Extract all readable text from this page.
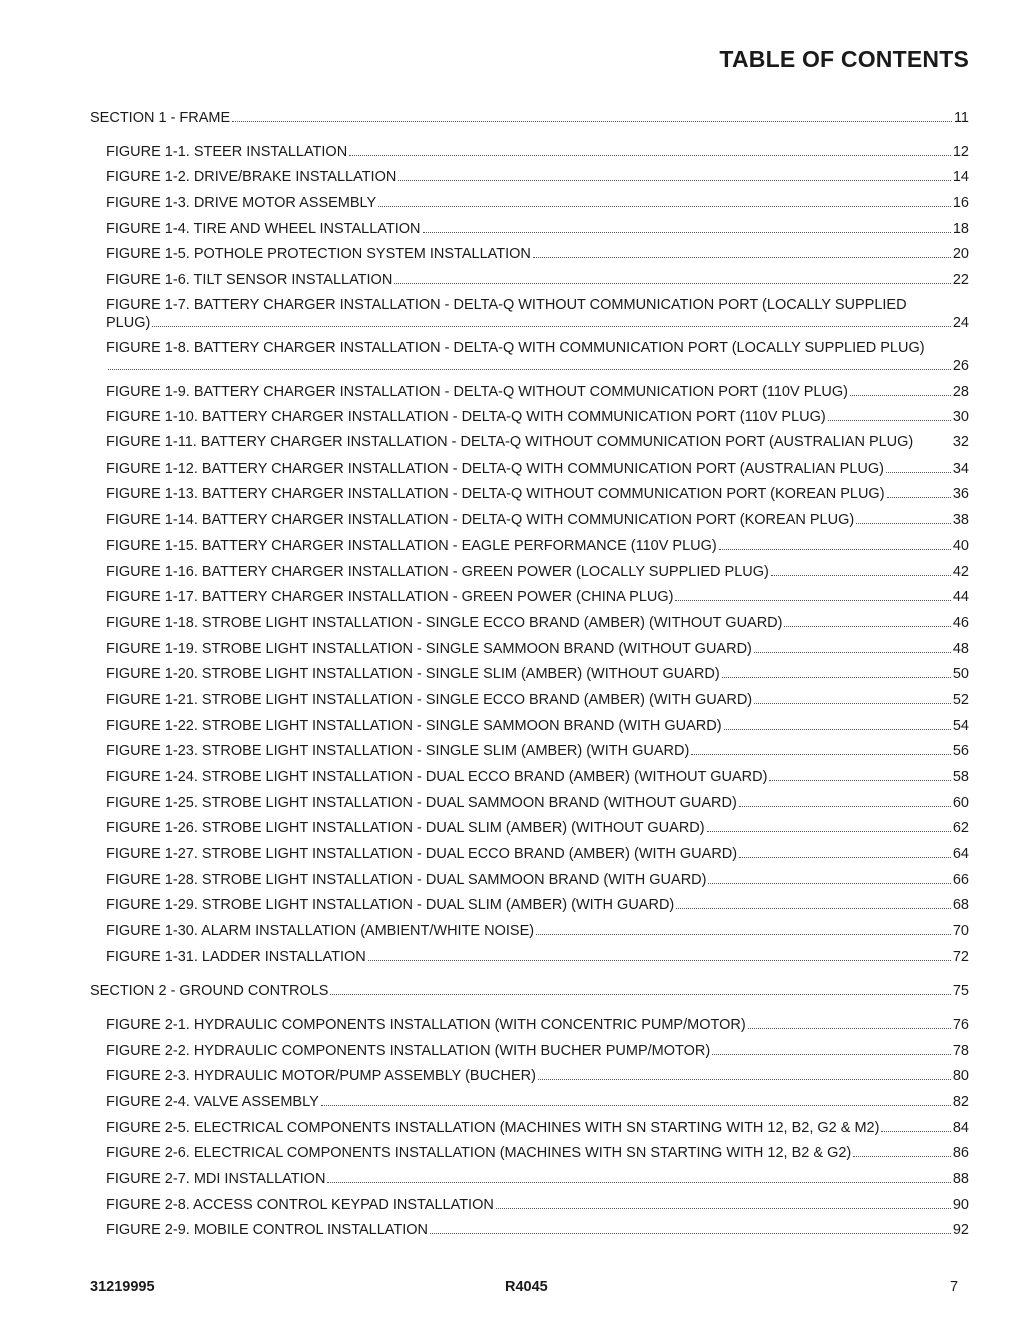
TABLE OF CONTENTS
SECTION 1 - FRAME	11
FIGURE 1-1. STEER INSTALLATION	12
FIGURE 1-2. DRIVE/BRAKE INSTALLATION	14
FIGURE 1-3. DRIVE MOTOR ASSEMBLY	16
FIGURE 1-4. TIRE AND WHEEL INSTALLATION	18
FIGURE 1-5. POTHOLE PROTECTION SYSTEM INSTALLATION	20
FIGURE 1-6. TILT SENSOR INSTALLATION	22
FIGURE 1-7. BATTERY CHARGER INSTALLATION - DELTA-Q WITHOUT COMMUNICATION PORT (LOCALLY SUPPLIED
PLUG)	24
FIGURE 1-8. BATTERY CHARGER INSTALLATION - DELTA-Q WITH COMMUNICATION PORT (LOCALLY SUPPLIED PLUG)
26
FIGURE 1-9. BATTERY CHARGER INSTALLATION - DELTA-Q WITHOUT COMMUNICATION PORT (110V PLUG)	28
FIGURE 1-10. BATTERY CHARGER INSTALLATION - DELTA-Q WITH COMMUNICATION PORT (110V PLUG)	30
FIGURE 1-11. BATTERY CHARGER INSTALLATION - DELTA-Q WITHOUT COMMUNICATION PORT (AUSTRALIAN PLUG)	32
FIGURE 1-12. BATTERY CHARGER INSTALLATION - DELTA-Q WITH COMMUNICATION PORT (AUSTRALIAN PLUG)	34
FIGURE 1-13. BATTERY CHARGER INSTALLATION - DELTA-Q WITHOUT COMMUNICATION PORT (KOREAN PLUG)	36
FIGURE 1-14. BATTERY CHARGER INSTALLATION - DELTA-Q WITH COMMUNICATION PORT (KOREAN PLUG)	38
FIGURE 1-15. BATTERY CHARGER INSTALLATION - EAGLE PERFORMANCE (110V PLUG)	40
FIGURE 1-16. BATTERY CHARGER INSTALLATION - GREEN POWER (LOCALLY SUPPLIED PLUG)	42
FIGURE 1-17. BATTERY CHARGER INSTALLATION - GREEN POWER (CHINA PLUG)	44
FIGURE 1-18. STROBE LIGHT INSTALLATION - SINGLE ECCO BRAND (AMBER) (WITHOUT GUARD)	46
FIGURE 1-19. STROBE LIGHT INSTALLATION - SINGLE SAMMOON BRAND (WITHOUT GUARD)	48
FIGURE 1-20. STROBE LIGHT INSTALLATION - SINGLE SLIM (AMBER) (WITHOUT GUARD)	50
FIGURE 1-21. STROBE LIGHT INSTALLATION - SINGLE ECCO BRAND (AMBER) (WITH GUARD)	52
FIGURE 1-22. STROBE LIGHT INSTALLATION - SINGLE SAMMOON BRAND (WITH GUARD)	54
FIGURE 1-23. STROBE LIGHT INSTALLATION - SINGLE SLIM (AMBER) (WITH GUARD)	56
FIGURE 1-24. STROBE LIGHT INSTALLATION - DUAL ECCO BRAND (AMBER) (WITHOUT GUARD)	58
FIGURE 1-25. STROBE LIGHT INSTALLATION - DUAL SAMMOON BRAND (WITHOUT GUARD)	60
FIGURE 1-26. STROBE LIGHT INSTALLATION - DUAL SLIM (AMBER) (WITHOUT GUARD)	62
FIGURE 1-27. STROBE LIGHT INSTALLATION - DUAL ECCO BRAND (AMBER) (WITH GUARD)	64
FIGURE 1-28. STROBE LIGHT INSTALLATION - DUAL SAMMOON BRAND (WITH GUARD)	66
FIGURE 1-29. STROBE LIGHT INSTALLATION - DUAL SLIM (AMBER) (WITH GUARD)	68
FIGURE 1-30. ALARM INSTALLATION (AMBIENT/WHITE NOISE)	70
FIGURE 1-31. LADDER INSTALLATION	72
SECTION 2 - GROUND CONTROLS	75
FIGURE 2-1. HYDRAULIC COMPONENTS INSTALLATION (WITH CONCENTRIC PUMP/MOTOR)	76
FIGURE 2-2. HYDRAULIC COMPONENTS INSTALLATION (WITH BUCHER PUMP/MOTOR)	78
FIGURE 2-3. HYDRAULIC MOTOR/PUMP ASSEMBLY (BUCHER)	80
FIGURE 2-4. VALVE ASSEMBLY	82
FIGURE 2-5. ELECTRICAL COMPONENTS INSTALLATION (MACHINES WITH SN STARTING WITH 12, B2, G2 & M2)	84
FIGURE 2-6. ELECTRICAL COMPONENTS INSTALLATION (MACHINES WITH SN STARTING WITH 12, B2 & G2)	86
FIGURE 2-7. MDI INSTALLATION	88
FIGURE 2-8. ACCESS CONTROL KEYPAD INSTALLATION	90
FIGURE 2-9. MOBILE CONTROL INSTALLATION	92
31219995	R4045	7
